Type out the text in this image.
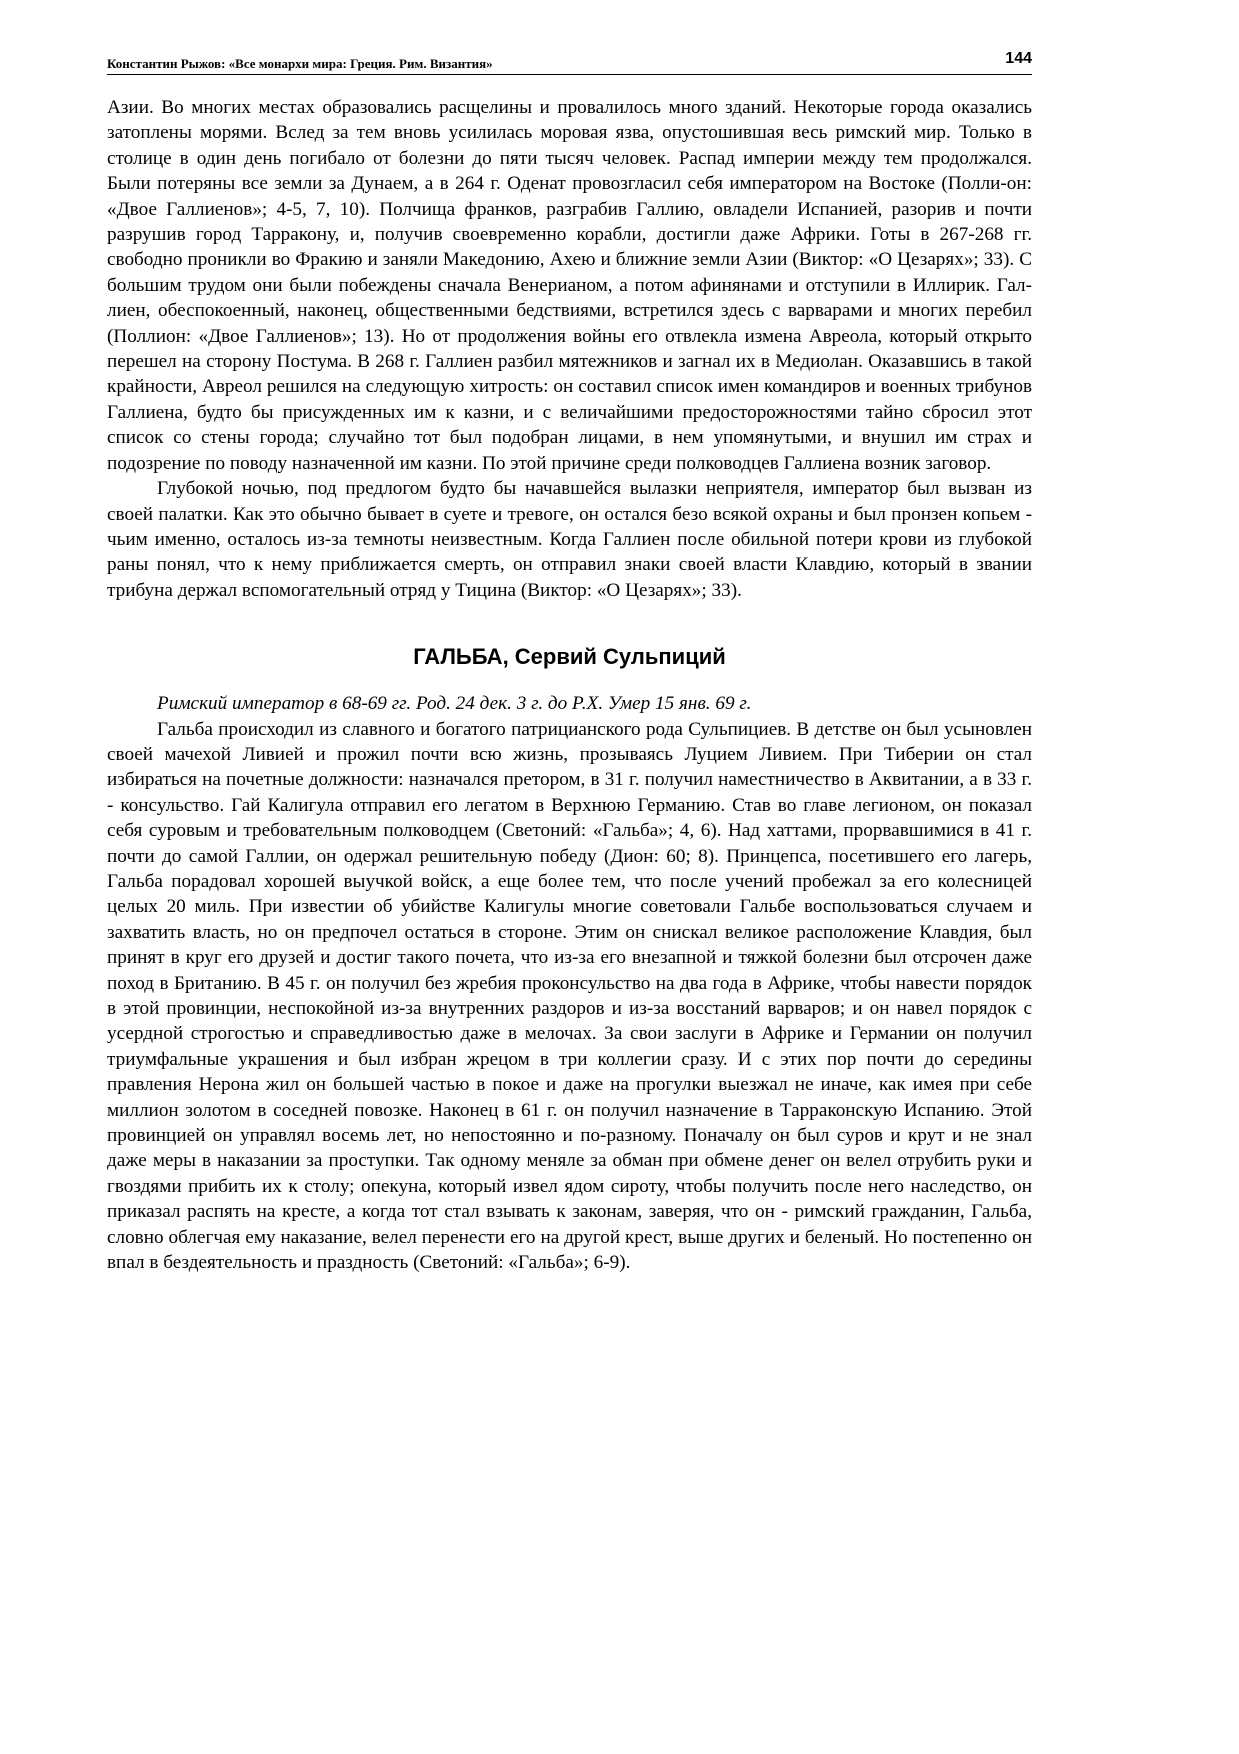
Константин Рыжов: «Все монархи мира: Греция. Рим. Византия»	144

Азии. Во многих местах образовались расщелины и провалилось много зданий. Некоторые города оказались затоплены морями. Вслед за тем вновь усилилась моровая язва, опустошившая весь римский мир. Только в столице в один день погибало от болезни до пяти тысяч человек. Распад империи между тем продолжался. Были потеряны все земли за Дунаем, а в 264 г. Оденат провозгласил себя императором на Востоке (Полли-он: «Двое Галлиенов»; 4-5, 7, 10). Полчища франков, разграбив Галлию, овладели Испанией, разорив и почти разрушив город Тарракону, и, получив своевременно корабли, достигли даже Африки. Готы в 267-268 гг. свободно проникли во Фракию и заняли Македонию, Ахею и ближние земли Азии (Виктор: «О Цезарях»; 33). С большим трудом они были побеждены сначала Венерианом, а потом афинянами и отступили в Иллирик. Гал-лиен, обеспокоенный, наконец, общественными бедствиями, встретился здесь с варварами и многих перебил (Поллион: «Двое Галлиенов»; 13). Но от продолжения войны его отвлекла измена Авреола, который открыто перешел на сторону Постума. В 268 г. Галлиен разбил мятежников и загнал их в Медиолан. Оказавшись в такой крайности, Авреол решился на следующую хитрость: он составил список имен командиров и военных трибунов Галлиена, будто бы присужденных им к казни, и с величайшими предосторожностями тайно сбросил этот список со стены города; случайно тот был подобран лицами, в нем упомянутыми, и внушил им страх и подозрение по поводу назначенной им казни. По этой причине среди полководцев Галлиена возник заговор.

Глубокой ночью, под предлогом будто бы начавшейся вылазки неприятеля, император был вызван из своей палатки. Как это обычно бывает в суете и тревоге, он остался безо всякой охраны и был пронзен копьем - чьим именно, осталось из-за темноты неизвестным. Когда Галлиен после обильной потери крови из глубокой раны понял, что к нему приближается смерть, он отправил знаки своей власти Клавдию, который в звании трибуна держал вспомогательный отряд у Тицина (Виктор: «О Цезарях»; 33).

ГАЛЬБА, Сервий Сульпиций

Римский император в 68-69 гг. Род. 24 дек. 3 г. до Р.Х. Умер 15 янв. 69 г.

Гальба происходил из славного и богатого патрицианского рода Сульпициев. В детстве он был усыновлен своей мачехой Ливией и прожил почти всю жизнь, прозываясь Луцием Ливием. При Тиберии он стал избираться на почетные должности: назначался претором, в 31 г. получил наместничество в Аквитании, а в 33 г. - консульство. Гай Калигула отправил его легатом в Верхнюю Германию. Став во главе легионом, он показал себя суровым и требовательным полководцем (Светоний: «Гальба»; 4, 6). Над хаттами, прорвавшимися в 41 г. почти до самой Галлии, он одержал решительную победу (Дион: 60; 8). Принцепса, посетившего его лагерь, Гальба порадовал хорошей выучкой войск, а еще более тем, что после учений пробежал за его колесницей целых 20 миль. При известии об убийстве Калигулы многие советовали Гальбе воспользоваться случаем и захватить власть, но он предпочел остаться в стороне. Этим он снискал великое расположение Клавдия, был принят в круг его друзей и достиг такого почета, что из-за его внезапной и тяжкой болезни был отсрочен даже поход в Британию. В 45 г. он получил без жребия проконсульство на два года в Африке, чтобы навести порядок в этой провинции, неспокойной из-за внутренних раздоров и из-за восстаний варваров; и он навел порядок с усердной строгостью и справедливостью даже в мелочах. За свои заслуги в Африке и Германии он получил триумфальные украшения и был избран жрецом в три коллегии сразу. И с этих пор почти до середины правления Нерона жил он большей частью в покое и даже на прогулки выезжал не иначе, как имея при себе миллион золотом в соседней повозке. Наконец в 61 г. он получил назначение в Тарраконскую Испанию. Этой провинцией он управлял восемь лет, но непостоянно и по-разному. Поначалу он был суров и крут и не знал даже меры в наказании за проступки. Так одному меняле за обман при обмене денег он велел отрубить руки и гвоздями прибить их к столу; опекуна, который извел ядом сироту, чтобы получить после него наследство, он приказал распять на кресте, а когда тот стал взывать к законам, заверяя, что он - римский гражданин, Гальба, словно облегчая ему наказание, велел перенести его на другой крест, выше других и беленый. Но постепенно он впал в бездеятельность и праздность (Светоний: «Гальба»; 6-9).
